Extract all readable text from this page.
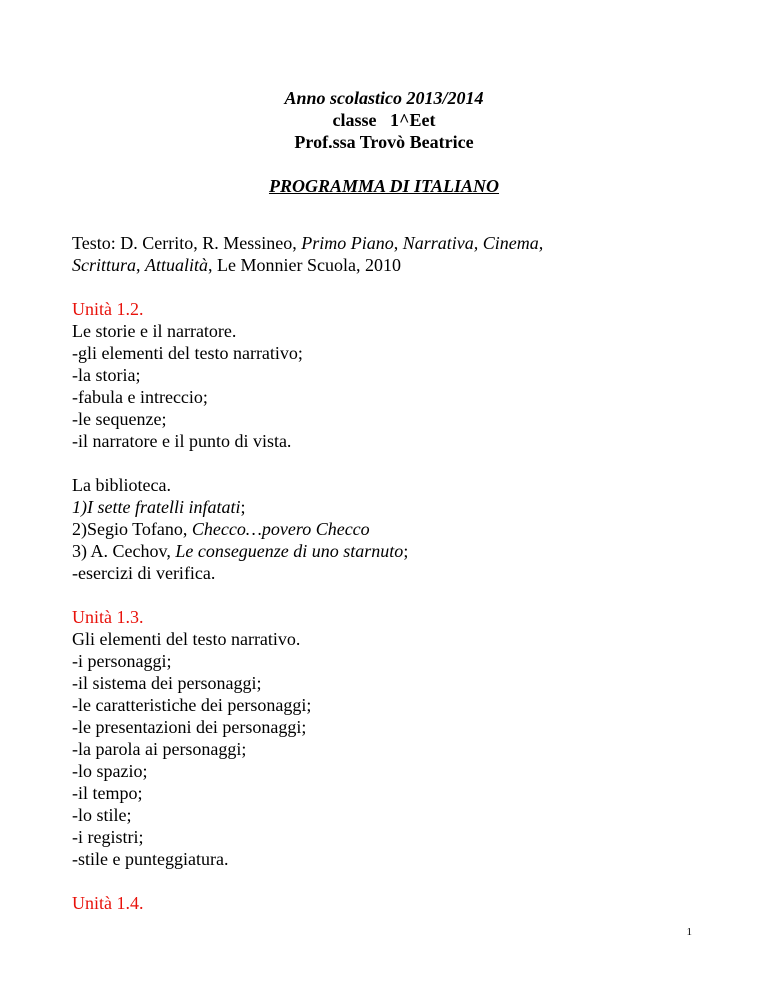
Anno scolastico 2013/2014
classe   1^Eet
Prof.ssa Trovò Beatrice
PROGRAMMA DI ITALIANO
Testo: D. Cerrito, R. Messineo, Primo Piano, Narrativa, Cinema,
Scrittura, Attualità, Le Monnier Scuola, 2010
Unità 1.2.
Le storie e il narratore.
-gli elementi del testo narrativo;
-la storia;
-fabula e intreccio;
-le sequenze;
-il narratore e il punto di vista.
La biblioteca.
1)I sette fratelli infatati;
2)Segio Tofano, Checco…povero Checco
3) A. Cechov, Le conseguenze di uno starnuto;
-esercizi di verifica.
Unità 1.3.
Gli elementi del testo narrativo.
-i personaggi;
-il sistema dei personaggi;
-le caratteristiche dei personaggi;
-le presentazioni dei personaggi;
-la parola ai personaggi;
-lo spazio;
-il tempo;
-lo stile;
-i registri;
-stile e punteggiatura.
Unità 1.4.
1
